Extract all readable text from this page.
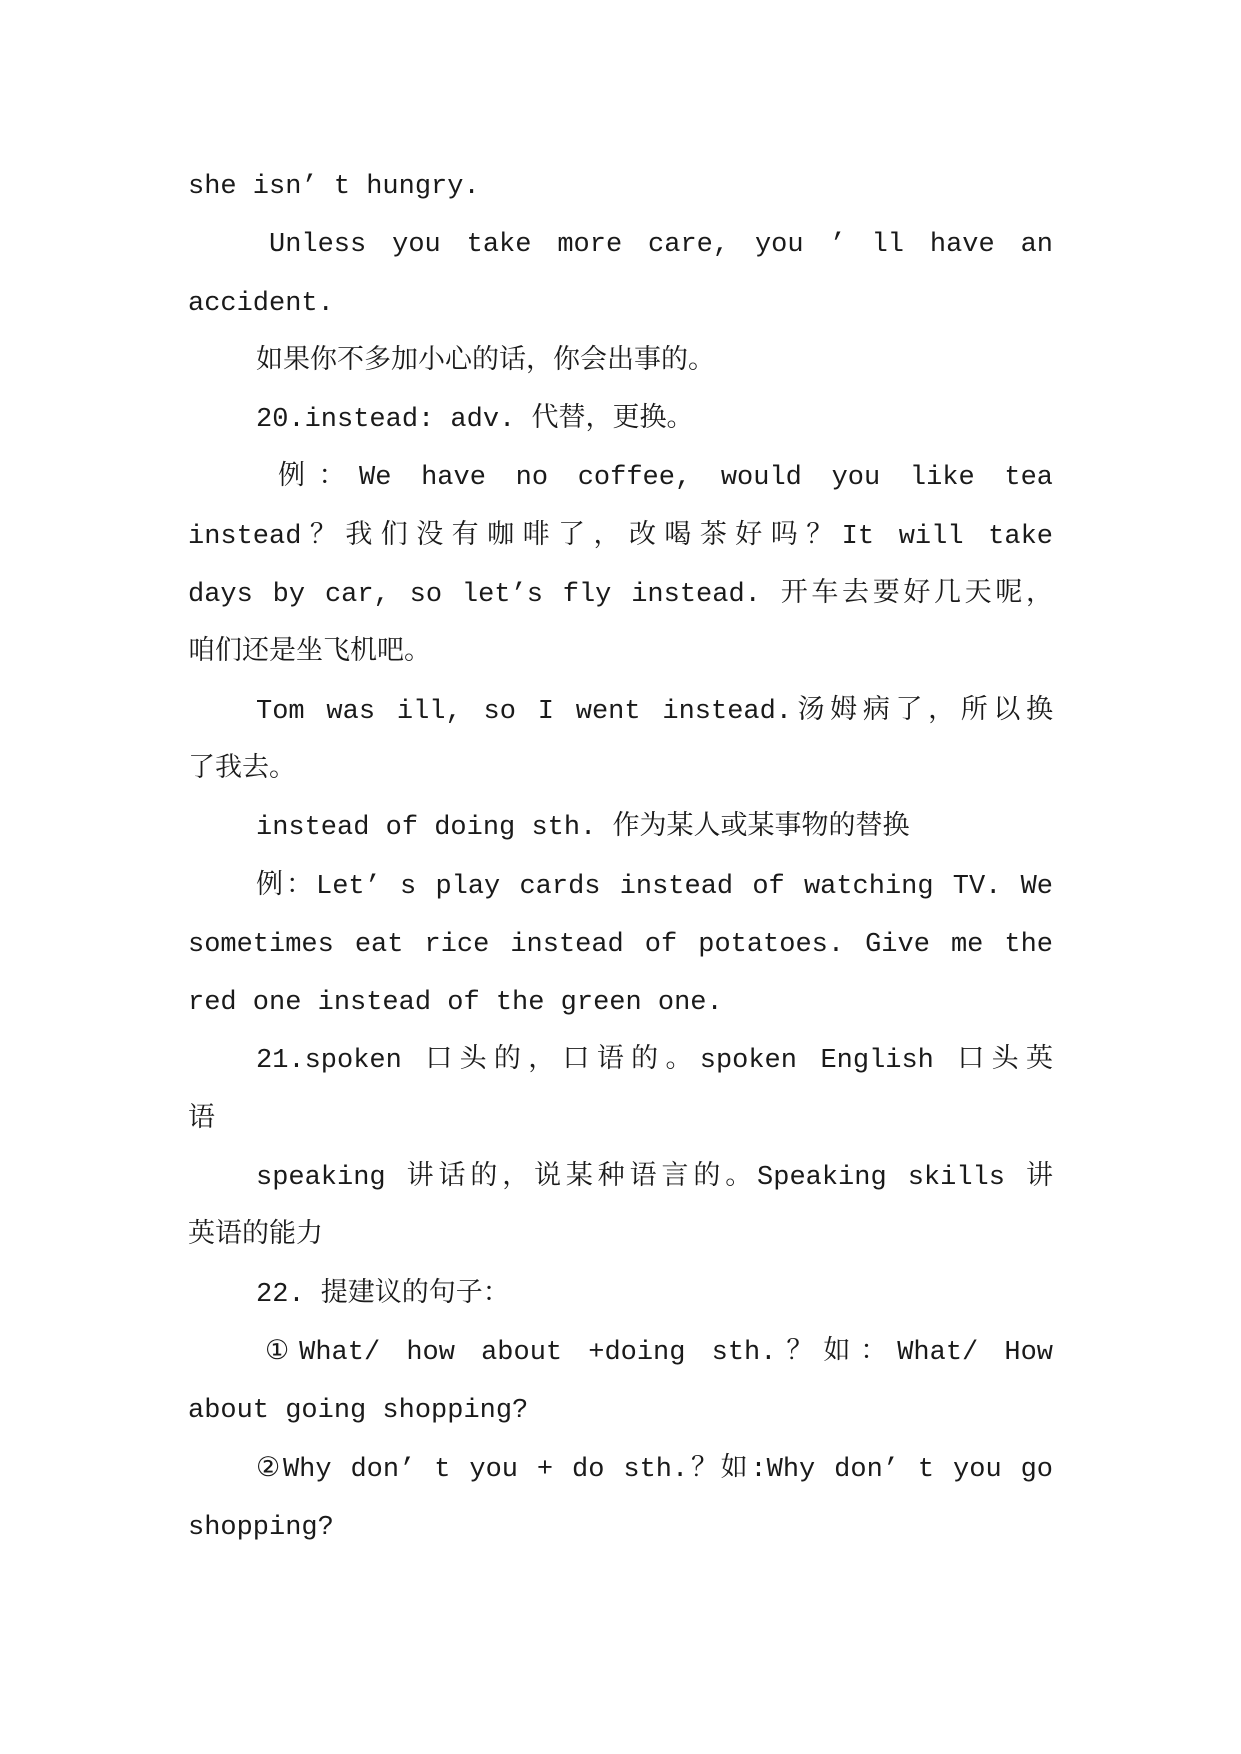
she isn’ t hungry.
Unless you take more care, you ’ ll have an
accident.
如果你不多加小心的话，你会出事的。
20.instead: adv. 代替，更换。
例：We have no coffee, would you like tea
instead？我们没有咖啡了，改喝茶好吗？It will take
days by car, so let’s fly instead. 开车去要好几天呢，
咱们还是坐飞机吧。
Tom was ill, so I went instead.汤姆病了，所以换
了我去。
instead of doing sth. 作为某人或某事物的替换
例：Let’ s play cards instead of watching TV. We
sometimes eat rice instead of potatoes. Give me the
red one instead of the green one.
21.spoken 口头的，口语的。spoken English 口头英
语
speaking 讲话的，说某种语言的。Speaking skills 讲
英语的能力
22. 提建议的句子：
①What/ how about +doing sth.？如：What/ How
about going shopping?
②Why don’ t you + do sth.？如:Why don’ t you go
shopping?
